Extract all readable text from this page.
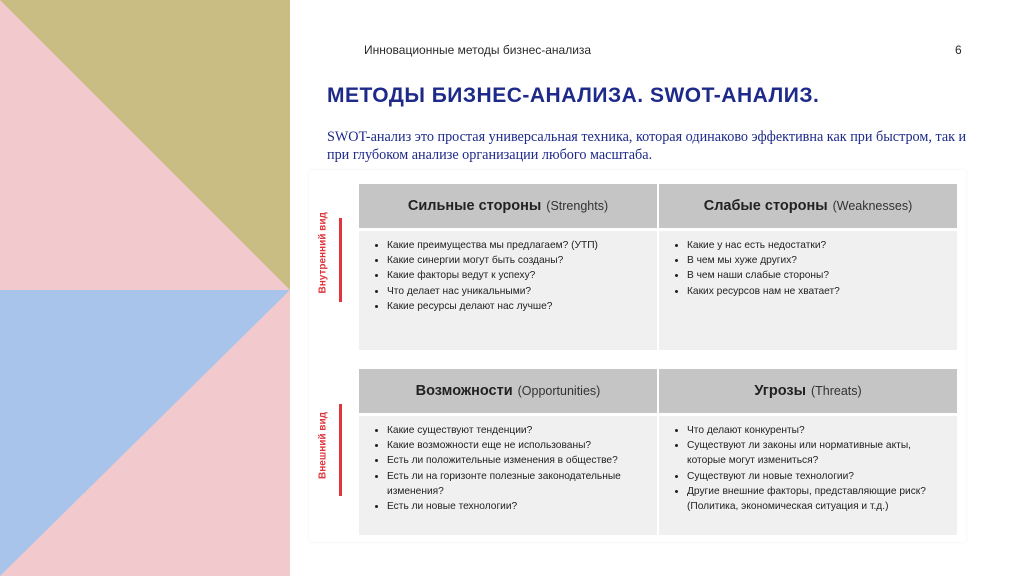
Инновационные методы бизнес-анализа	6
МЕТОДЫ БИЗНЕС-АНАЛИЗА. SWOT-АНАЛИЗ.
SWOT-анализ это простая универсальная техника, которая одинаково эффективна как при быстром, так и при глубоком анализе организации любого масштаба.
Внутренний вид
Внешний вид
Сильные стороны (Strenghts)
• Какие преимущества мы предлагаем? (УТП)
• Какие синергии могут быть созданы?
• Какие факторы ведут к успеху?
• Что делает нас уникальными?
• Какие ресурсы делают нас лучше?
Слабые стороны (Weaknesses)
• Какие у нас есть недостатки?
• В чем мы хуже других?
• В чем наши слабые стороны?
• Каких ресурсов нам не хватает?
Возможности (Opportunities)
• Какие существуют тенденции?
• Какие возможности еще не использованы?
• Есть ли положительные изменения в обществе?
• Есть ли на горизонте полезные законодательные изменения?
• Есть ли новые технологии?
Угрозы (Threats)
• Что делают конкуренты?
• Существуют ли законы или нормативные акты, которые могут измениться?
• Существуют ли новые технологии?
• Другие внешние факторы, представляющие риск? (Политика, экономическая ситуация и т.д.)
